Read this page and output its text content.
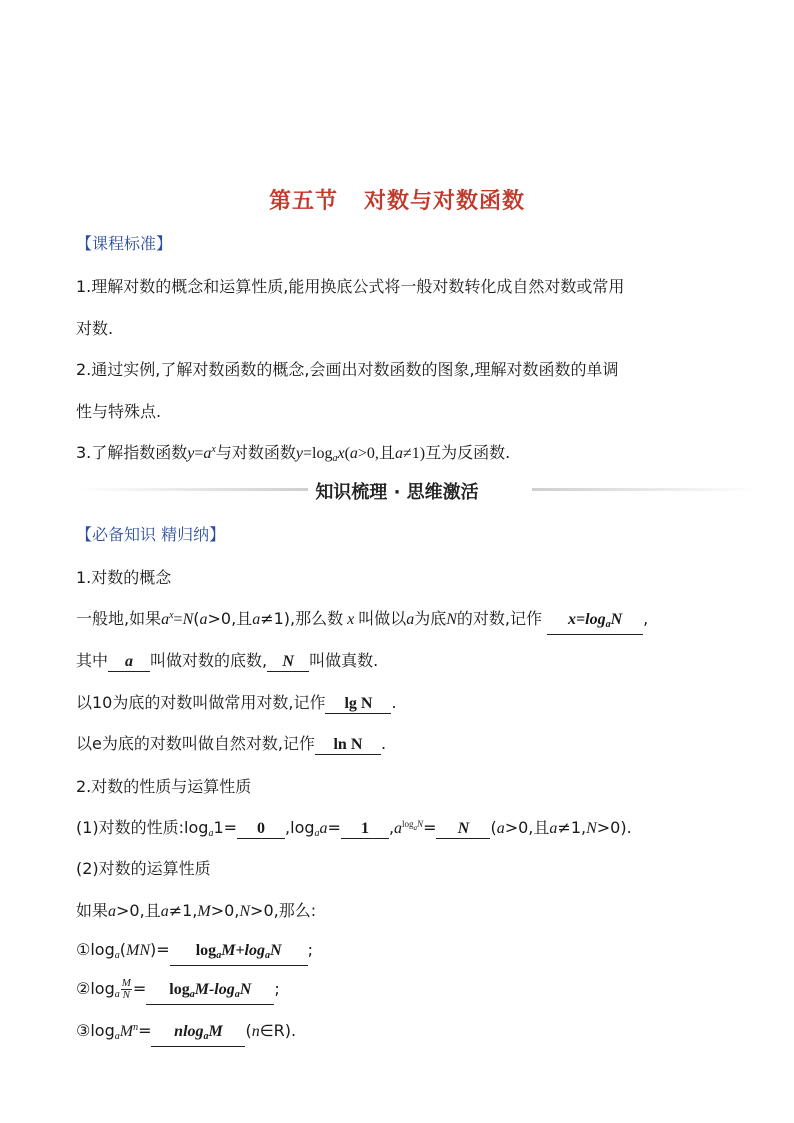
第五节 对数与对数函数
【课程标准】
1.理解对数的概念和运算性质,能用换底公式将一般对数转化成自然对数或常用
对数.
2.通过实例,了解对数函数的概念,会画出对数函数的图象,理解对数函数的单调
性与特殊点.
3.了解指数函数$y=a^x$与对数函数$y=\log_ax(a>0$,且a≠1)互为反函数.
知识梳理 · 思维激活
【必备知识 精归纳】
1.对数的概念
一般地,如果$a^x=N(a>0$,且a≠1),那么数 x 叫做以a为底N的对数,记作 $x=\log_aN$ ,
其中 a 叫做对数的底数, N 叫做真数.
以10为底的对数叫做常用对数,记作 lg N .
以e为底的对数叫做自然对数,记作 ln N .
2.对数的性质与运算性质
(1)对数的性质$:\log_a1= 0$ $,\log_aa= 1$ $,a^{log_aN}= N$ (a>0,且a≠1,N>0).
(2)对数的运算性质
如果a>0,且a≠1,M>0,N>0,那么:
$①\log_a(MN)= \log_aM+\log_aN$ ;
$②\log_a \frac{M}{N} = \log_aM-\log_aN$ ;
$③\log_aM^n= nlog_aM$ (n∈R).
